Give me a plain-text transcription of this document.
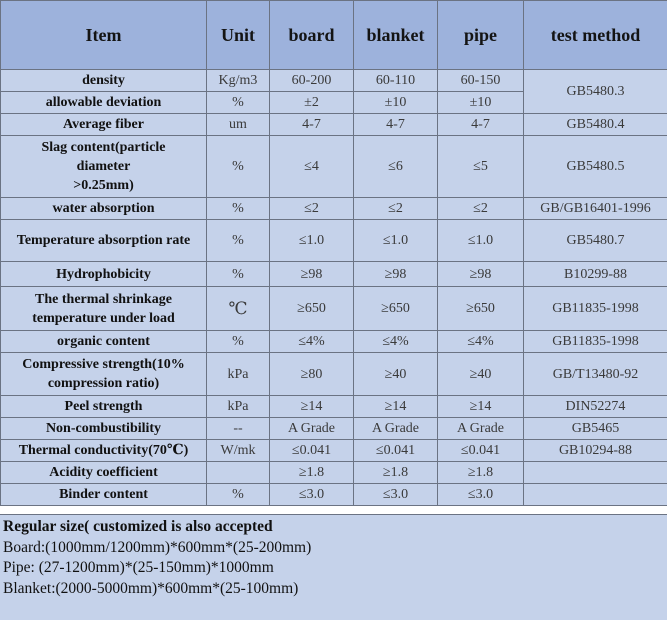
Item	Unit	board	blanket	pipe	test method
density	Kg/m3	60-200	60-110	60-150	GB5480.3
allowable deviation	%	±2	±10	±10	
Average fiber	um	4-7	4-7	4-7	GB5480.4

Slag content(particle
diameter
>0.25mm)	%	≤4	≤6	≤5	GB5480.5
water absorption	%	≤2	≤2	≤2	GB/GB16401-1996
Temperature absorption rate	%	≤1.0	≤1.0	≤1.0	GB5480.7
Hydrophobicity	%	≥98	≥98	≥98	B10299-88

The thermal shrinkage
temperature under load	℃	≥650	≥650	≥650	GB11835-1998
organic content	%	≤4%	≤4%	≤4%	GB11835-1998

Compressive strength(10%
compression ratio)	kPa	≥80	≥40	≥40	GB/T13480-92
Peel strength	kPa	≥14	≥14	≥14	DIN52274
Non-combustibility	--	A Grade	A Grade	A Grade	GB5465
Thermal conductivity(70℃)	W/mk	≤0.041	≤0.041	≤0.041	GB10294-88
Acidity coefficient		≥1.8	≥1.8	≥1.8	
Binder content	%	≤3.0	≤3.0	≤3.0	
Regular size( customized is also accepted
Board:(1000mm/1200mm)*600mm*(25-200mm)
Pipe: (27-1200mm)*(25-150mm)*1000mm
Blanket:(2000-5000mm)*600mm*(25-100mm)
